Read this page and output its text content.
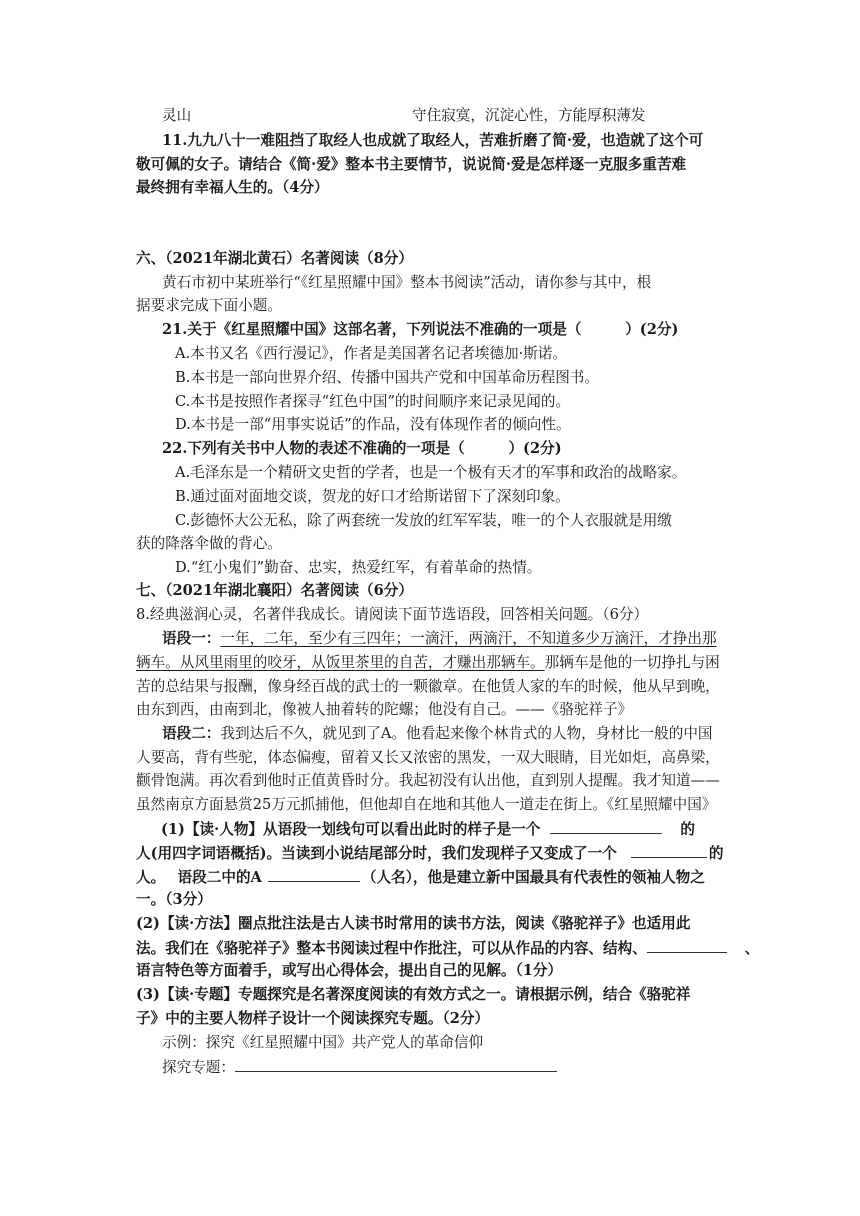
灵山	守住寂寞，沉淀心性，方能厚积薄发
11.九九八十一难阻挡了取经人也成就了取经人，苦难折磨了简·爱，也造就了这个可
敬可佩的女子。请结合《简·爱》整本书主要情节，说说简·爱是怎样逐一克服多重苦难
最终拥有幸福人生的。（4分）
六、（2021年湖北黄石）名著阅读（8分）
黄石市初中某班举行“《红星照耀中国》整本书阅读”活动，请你参与其中，根
据要求完成下面小题。
21.关于《红星照耀中国》这部名著，下列说法不准确的一项是（　　　）(2分)
A.本书又名《西行漫记》，作者是美国著名记者埃德加·斯诺。
B.本书是一部向世界介绍、传播中国共产党和中国革命历程图书。
C.本书是按照作者探寻“红色中国”的时间顺序来记录见闻的。
D.本书是一部“用事实说话”的作品，没有体现作者的倾向性。
22.下列有关书中人物的表述不准确的一项是（　　　）(2分)
A.毛泽东是一个精研文史哲的学者，也是一个极有天才的军事和政治的战略家。
B.通过面对面地交谈，贺龙的好口才给斯诺留下了深刻印象。
C.彭德怀大公无私，除了两套统一发放的红军军装，唯一的个人衣服就是用缴
获的降落伞做的背心。
D.“红小鬼们”勤奋、忠实，热爱红军，有着革命的热情。
七、（2021年湖北襄阳）名著阅读（6分）
8.经典滋润心灵，名著伴我成长。请阅读下面节选语段，回答相关问题。（6分）
语段一：一年，二年，至少有三四年；一滴汗，两滴汗，不知道多少万滴汗，才挣出那
辆车。从风里雨里的咬牙，从饭里茶里的自苦，才赚出那辆车。那辆车是他的一切挣扎与困
苦的总结果与报酬，像身经百战的武士的一颗徽章。在他赁人家的车的时候，他从早到晚，
由东到西，由南到北，像被人抽着转的陀螺；他没有自己。——《骆驼祥子》
语段二：我到达后不久，就见到了A。他看起来像个林肯式的人物，身材比一般的中国
人要高，背有些驼，体态偏瘦，留着又长又浓密的黑发，一双大眼睛，目光如炬，高鼻梁，
颧骨饱满。再次看到他时正值黄昏时分。我起初没有认出他，直到别人提醒。我才知道——
虽然南京方面悬赏25万元抓捕他，但他却自在地和其他人一道走在街上。《红星照耀中国》
(1)【读·人物】从语段一划线句可以看出此时的样子是一个	的
人(用四字词语概括)。当读到小说结尾部分时，我们发现样子又变成了一个	的
人。　 语段二中的A	（人名），他是建立新中国最具有代表性的领袖人物之
一。（3分）
(2)【读·方法】圈点批注法是古人读书时常用的读书方法，阅读《骆驼祥子》也适用此
法。我们在《骆驼祥子》整本书阅读过程中作批注，可以从作品的内容、结构、	、
语言特色等方面着手，或写出心得体会，提出自己的见解。（1分）
(3)【读·专题】专题探究是名著深度阅读的有效方式之一。请根据示例，结合《骆驼祥
子》中的主要人物样子设计一个阅读探究专题。（2分）
示例：探究《红星照耀中国》共产党人的革命信仰
探究专题：
